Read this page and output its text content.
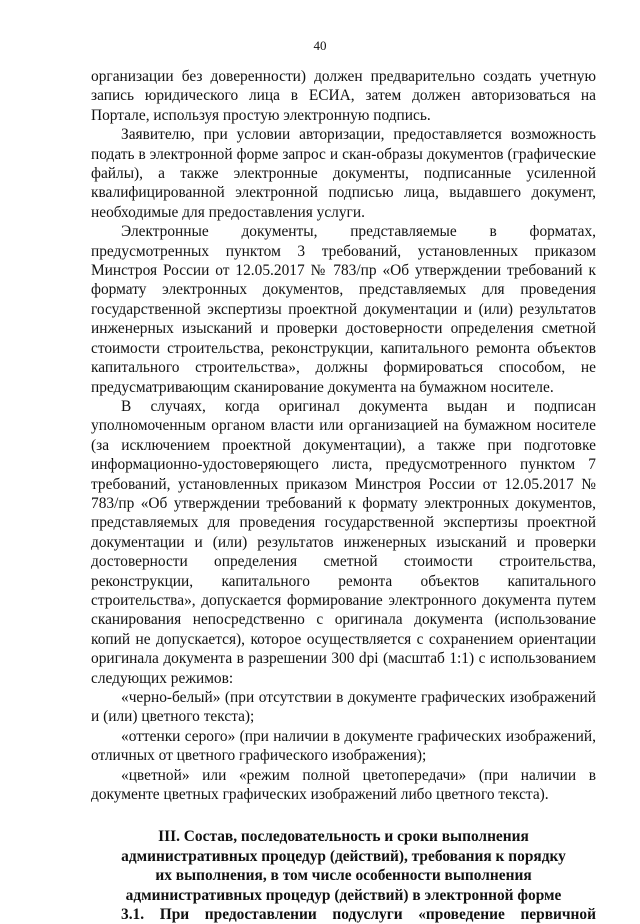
40

организации без доверенности) должен предварительно создать учетную запись юридического лица в ЕСИА, затем должен авторизоваться на Портале, используя простую электронную подпись.

Заявителю, при условии авторизации, предоставляется возможность подать в электронной форме запрос и скан-образы документов (графические файлы), а также электронные документы, подписанные усиленной квалифицированной электронной подписью лица, выдавшего документ, необходимые для предоставления услуги.

Электронные документы, представляемые в форматах, предусмотренных пунктом 3 требований, установленных приказом Минстроя России от 12.05.2017 № 783/пр «Об утверждении требований к формату электронных документов, представляемых для проведения государственной экспертизы проектной документации и (или) результатов инженерных изысканий и проверки достоверности определения сметной стоимости строительства, реконструкции, капитального ремонта объектов капитального строительства», должны формироваться способом, не предусматривающим сканирование документа на бумажном носителе.

В случаях, когда оригинал документа выдан и подписан уполномоченным органом власти или организацией на бумажном носителе (за исключением проектной документации), а также при подготовке информационно-удостоверяющего листа, предусмотренного пунктом 7 требований, установленных приказом Минстроя России от 12.05.2017 № 783/пр «Об утверждении требований к формату электронных документов, представляемых для проведения государственной экспертизы проектной документации и (или) результатов инженерных изысканий и проверки достоверности определения сметной стоимости строительства, реконструкции, капитального ремонта объектов капитального строительства», допускается формирование электронного документа путем сканирования непосредственно с оригинала документа (использование копий не допускается), которое осуществляется с сохранением ориентации оригинала документа в разрешении 300 dpi (масштаб 1:1) с использованием следующих режимов:

«черно-белый» (при отсутствии в документе графических изображений и (или) цветного текста);

«оттенки серого» (при наличии в документе графических изображений, отличных от цветного графического изображения);

«цветной» или «режим полной цветопередачи» (при наличии в документе цветных графических изображений либо цветного текста).

III. Состав, последовательность и сроки выполнения
административных процедур (действий), требования к порядку
их выполнения, в том числе особенности выполнения
административных процедур (действий) в электронной форме

3.1. При предоставлении подуслуги «проведение первичной
